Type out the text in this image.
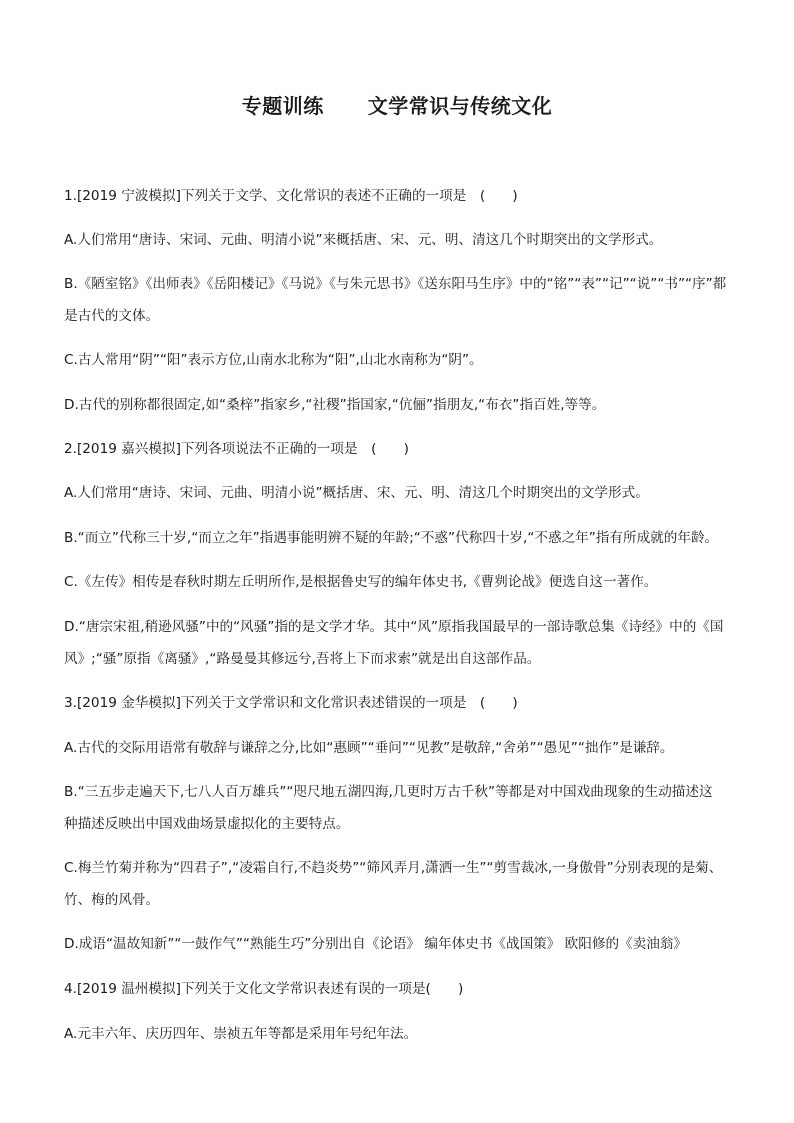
专题训练 文学常识与传统文化
1.[2019 宁波模拟]下列关于文学、文化常识的表述不正确的一项是　(　　)
A.人们常用“唐诗、宋词、元曲、明清小说”来概括唐、宋、元、明、清这几个时期突出的文学形式。
B.《陋室铭》《出师表》《岳阳楼记》《马说》《与朱元思书》《送东阳马生序》中的“铭”“表”“记”“说”“书”“序”都
是古代的文体。
C.古人常用“阴”“阳”表示方位,山南水北称为“阳”,山北水南称为“阴”。
D.古代的别称都很固定,如“桑梓”指家乡,“社稷”指国家,“伉俪”指朋友,“布衣”指百姓,等等。
2.[2019 嘉兴模拟]下列各项说法不正确的一项是　(　　)
A.人们常用“唐诗、宋词、元曲、明清小说”概括唐、宋、元、明、清这几个时期突出的文学形式。
B.“而立”代称三十岁,“而立之年”指遇事能明辨不疑的年龄;“不惑”代称四十岁,“不惑之年”指有所成就的年龄。
C.《左传》相传是春秋时期左丘明所作,是根据鲁史写的编年体史书,《曹刿论战》便选自这一著作。
D.“唐宗宋祖,稍逊风骚”中的“风骚”指的是文学才华。其中“风”原指我国最早的一部诗歌总集《诗经》中的《国
风》;“骚”原指《离骚》,“路曼曼其修远兮,吾将上下而求索”就是出自这部作品。
3.[2019 金华模拟]下列关于文学常识和文化常识表述错误的一项是　(　　)
A.古代的交际用语常有敬辞与谦辞之分,比如“惠顾”“垂问”“见教”是敬辞,“舍弟”“愚见”“拙作”是谦辞。
B.“三五步走遍天下,七八人百万雄兵”“咫尺地五湖四海,几更时万古千秋”等都是对中国戏曲现象的生动描述这
种描述反映出中国戏曲场景虚拟化的主要特点。
C.梅兰竹菊并称为“四君子”,“凌霜自行,不趋炎势”“筛风弄月,潇洒一生”“剪雪裁冰,一身傲骨”分别表现的是菊、
竹、梅的风骨。
D.成语“温故知新”“一鼓作气”“熟能生巧”分别出自《论语》 编年体史书《战国策》 欧阳修的《卖油翁》
4.[2019 温州模拟]下列关于文化文学常识表述有误的一项是(　　)
A.元丰六年、庆历四年、崇祯五年等都是采用年号纪年法。
